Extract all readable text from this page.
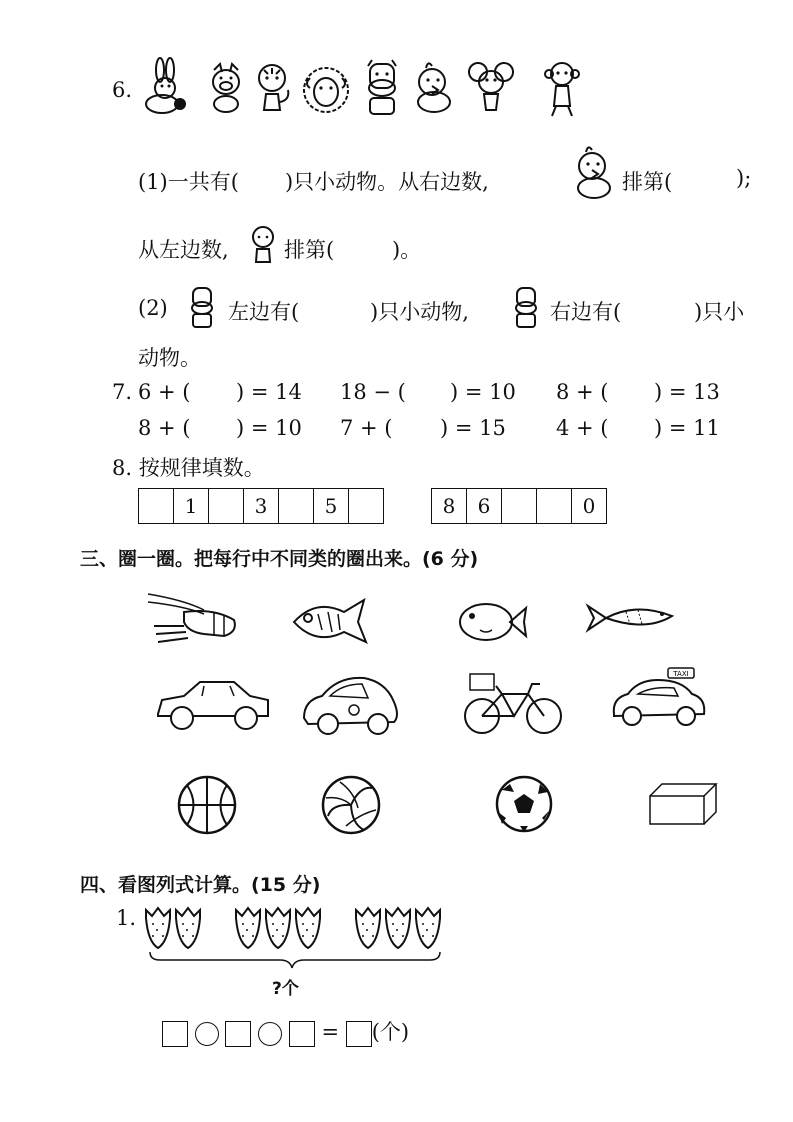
6.
(1)一共有( )只小动物。从右边数,	排第(	);
从左边数,	排第(	)。
(2)	左边有(	)只小动物,	右边有(	)只小
动物。
7. 6 + ( ) = 14 18 − ( ) = 10 8 + ( ) = 13
8 + ( ) = 10 7 + ( ) = 15 4 + ( ) = 11
8. 按规律填数。
	1		3		5		8	6			0
三、圈一圈。把每行中不同类的圈出来。(6 分)
TAXI
四、看图列式计算。(15 分)
1.
?个
= (个)
